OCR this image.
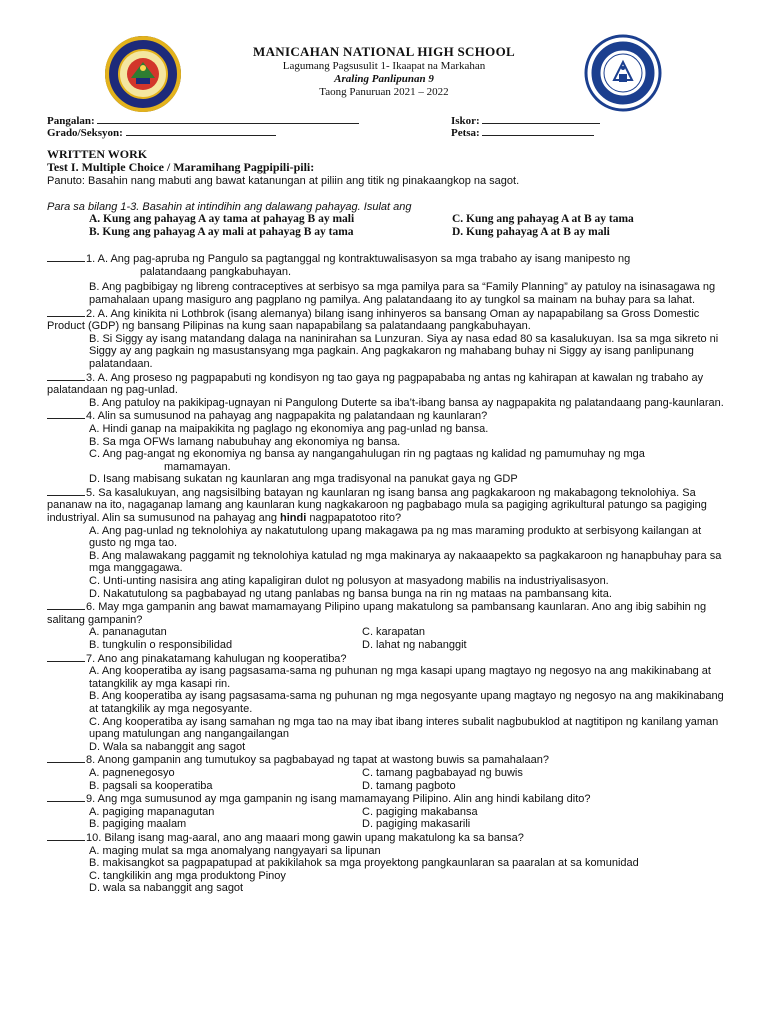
MANICAHAN NATIONAL HIGH SCHOOL
Lagumang Pagsusulit 1- Ikaapat na Markahan
Araling Panlipunan 9
Taong Panuruan 2021 – 2022
Pangalan:
Grado/Seksyon:
Iskor:
Petsa:
WRITTEN WORK
Test I. Multiple Choice / Maramihang Pagpipili-pili:
Panuto: Basahin nang mabuti ang bawat katanungan at piliin ang titik ng pinakaangkop na sagot.
Para sa bilang 1-3. Basahin at intindihin ang dalawang pahayag. Isulat ang
A. Kung ang pahayag A ay tama at pahayag B ay mali	C. Kung ang pahayag A at B ay tama
B. Kung ang pahayag A ay mali at pahayag B ay tama	D. Kung pahayag A at B ay mali

1. A. Ang pag-apruba ng Pangulo sa pagtanggal ng kontraktuwalisasyon sa mga trabaho ay isang manipesto ng

palatandaang pangkabuhayan.

B. Ang pagbibigay ng libreng contraceptives at serbisyo sa mga pamilya para sa “Family Planning” ay patuloy na isinasagawa ng pamahalaan upang masiguro ang pagplano ng pamilya. Ang palatandaang ito ay tungkol sa mainam na buhay para sa lahat.

2. A. Ang kinikita ni Lothbrok (isang alemanya) bilang isang inhinyeros sa bansang Oman ay napapabilang sa Gross Domestic Product (GDP) ng bansang Pilipinas na kung saan napapabilang sa palatandaang pangkabuhayan.

B. Si Siggy ay isang matandang dalaga na naninirahan sa Lunzuran. Siya ay nasa edad 80 sa kasalukuyan. Isa sa mga sikreto ni Siggy ay ang pagkain ng masustansyang mga pagkain. Ang pagkakaron ng mahabang buhay ni Siggy ay isang panlipunang palatandaan.

3. A. Ang proseso ng pagpapabuti ng kondisyon ng tao gaya ng pagpapababa ng antas ng kahirapan at kawalan ng trabaho ay palatandaan ng pag-unlad.

B. Ang patuloy na pakikipag-ugnayan ni Pangulong Duterte sa iba’t-ibang bansa ay nagpapakita ng palatandaang pang-kaunlaran.

4. Alin sa sumusunod na pahayag ang nagpapakita ng palatandaan ng kaunlaran?

A. Hindi ganap na maipakikita ng paglago ng ekonomiya ang pag-unlad ng bansa.

B. Sa mga OFWs lamang nabubuhay ang ekonomiya ng bansa.

C. Ang pag-angat ng ekonomiya ng bansa ay nangangahulugan rin ng pagtaas ng kalidad ng pamumuhay ng mga

mamamayan.

D. Isang mabisang sukatan ng kaunlaran ang mga tradisyonal na panukat gaya ng GDP

5. Sa kasalukuyan, ang nagsisilbing batayan ng kaunlaran ng isang bansa ang pagkakaroon ng makabagong teknolohiya. Sa pananaw na ito, nagaganap lamang ang kaunlaran kung nagkakaroon ng pagbabago mula sa pagiging agrikultural patungo sa pagiging industriyal. Alin sa sumusunod na pahayag ang hindi nagpapatotoo rito?

A. Ang pag-unlad ng teknolohiya ay nakatutulong upang makagawa pa ng mas maraming produkto at serbisyong kailangan at gusto ng mga tao.

B. Ang malawakang paggamit ng teknolohiya katulad ng mga makinarya ay nakaaapekto sa pagkakaroon ng hanapbuhay para sa mga manggagawa.

C. Unti-unting nasisira ang ating kapaligiran dulot ng polusyon at masyadong mabilis na industriyalisasyon.

D. Nakatutulong sa pagbabayad ng utang panlabas ng bansa bunga na rin ng mataas na pambansang kita.

6. May mga gampanin ang bawat mamamayang Pilipino upang makatulong sa pambansang kaunlaran. Ano ang ibig sabihin ng salitang gampanin?

A. pananagutan	C. karapatan
B. tungkulin o responsibilidad	D. lahat ng nabanggit

7. Ano ang pinakatamang kahulugan ng kooperatiba?

A. Ang kooperatiba ay isang pagsasama-sama ng puhunan ng mga kasapi upang magtayo ng negosyo na ang makikinabang at tatangkilik ay mga kasapi rin.

B. Ang kooperatiba ay isang pagsasama-sama ng puhunan ng mga negosyante upang magtayo ng negosyo na ang makikinabang at tatangkilik ay mga negosyante.

C. Ang kooperatiba ay isang samahan ng mga tao na may ibat ibang interes subalit nagbubuklod at nagtitipon ng kanilang yaman upang matulungan ang nangangailangan

D. Wala sa nabanggit ang sagot

8. Anong gampanin ang tumutukoy sa pagbabayad ng tapat at wastong buwis sa pamahalaan?

A. pagnenegosyo	C. tamang pagbabayad ng buwis
B. pagsali sa kooperatiba	D. tamang pagboto

9. Ang mga sumusunod ay mga gampanin ng isang mamamayang Pilipino. Alin ang hindi kabilang dito?

A. pagiging mapanagutan	C. pagiging makabansa
B. pagiging maalam	D. pagiging makasarili

10. Bilang isang mag-aaral, ano ang maaari mong gawin upang makatulong ka sa bansa?

A. maging mulat sa mga anomalyang nangyayari sa lipunan

B. makisangkot sa pagpapatupad at pakikilahok sa mga proyektong pangkaunlaran sa paaralan at sa komunidad

C. tangkilikin ang mga produktong Pinoy

D. wala sa nabanggit ang sagot
